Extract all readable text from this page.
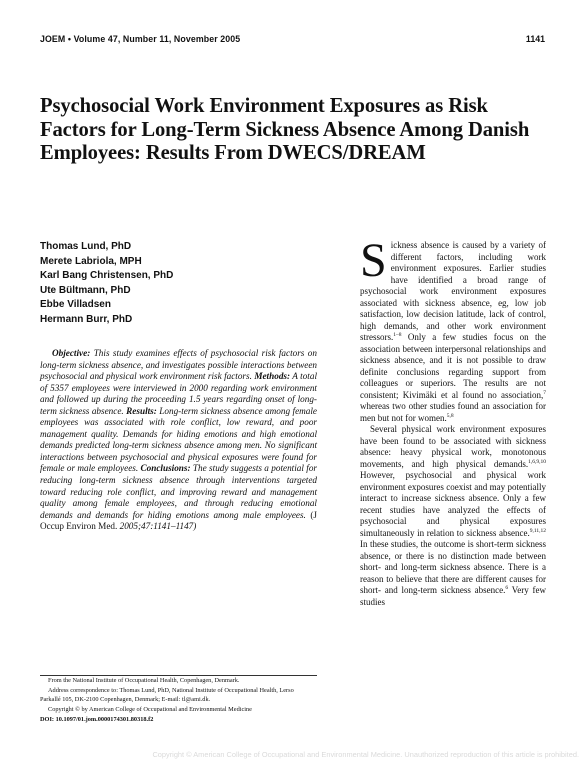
JOEM • Volume 47, Number 11, November 2005	1141
Psychosocial Work Environment Exposures as Risk Factors for Long-Term Sickness Absence Among Danish Employees: Results From DWECS/DREAM
Thomas Lund, PhD
Merete Labriola, MPH
Karl Bang Christensen, PhD
Ute Bültmann, PhD
Ebbe Villadsen
Hermann Burr, PhD

Objective: This study examines effects of psychosocial risk factors on long-term sickness absence, and investigates possible interactions between psychosocial and physical work environment risk factors. Methods: A total of 5357 employees were interviewed in 2000 regarding work environment and followed up during the proceeding 1.5 years regarding onset of long-term sickness absence. Results: Long-term sickness absence among female employees was associated with role conflict, low reward, and poor management quality. Demands for hiding emotions and high emotional demands predicted long-term sickness absence among men. No significant interactions between psychosocial and physical exposures were found for female or male employees. Conclusions: The study suggests a potential for reducing long-term sickness absence through interventions targeted toward reducing role conflict, and improving reward and management quality among female employees, and through reducing emotional demands and demands for hiding emotions among male employees. (J Occup Environ Med. 2005;47:1141–1147)

From the National Institute of Occupational Health, Copenhagen, Denmark.

Address correspondence to: Thomas Lund, PhD, National Institute of Occupational Health, Lerso

Parkallé 105, DK-2100 Copenhagen, Denmark; E-mail: tl@ami.dk.

Copyright © by American College of Occupational and Environmental Medicine

DOI: 10.1097/01.jom.0000174301.80318.f2

Sickness absence is caused by a variety of different factors, including work environment exposures. Earlier studies have identified a broad range of psychosocial work environment exposures associated with sickness absence, eg, low job satisfaction, low decision latitude, lack of control, high demands, and other work environment stressors.$^{1-8}$ Only a few studies focus on the association between interpersonal relationships and sickness absence, and it is not possible to draw definite conclusions regarding support from colleagues or superiors. The results are not consistent; Kivimäki et al found no association,$^7$ whereas two other studies found an association for men but not for women.$^{5,8}$

Several physical work environment exposures have been found to be associated with sickness absence: heavy physical work, monotonous movements, and high physical demands.$^{1,6,9,10}$ However, psychosocial and physical work environment exposures coexist and may potentially interact to increase sickness absence. Only a few recent studies have analyzed the effects of psychosocial and physical exposures simultaneously in relation to sickness absence.$^{9,11,12}$ In these studies, the outcome is short-term sickness absence, or there is no distinction made between short- and long-term sickness absence. There is a reason to believe that there are different causes for short- and long-term sickness absence.$^6$ Very few studies

Copyright © American College of Occupational and Environmental Medicine. Unauthorized reproduction of this article is prohibited.
